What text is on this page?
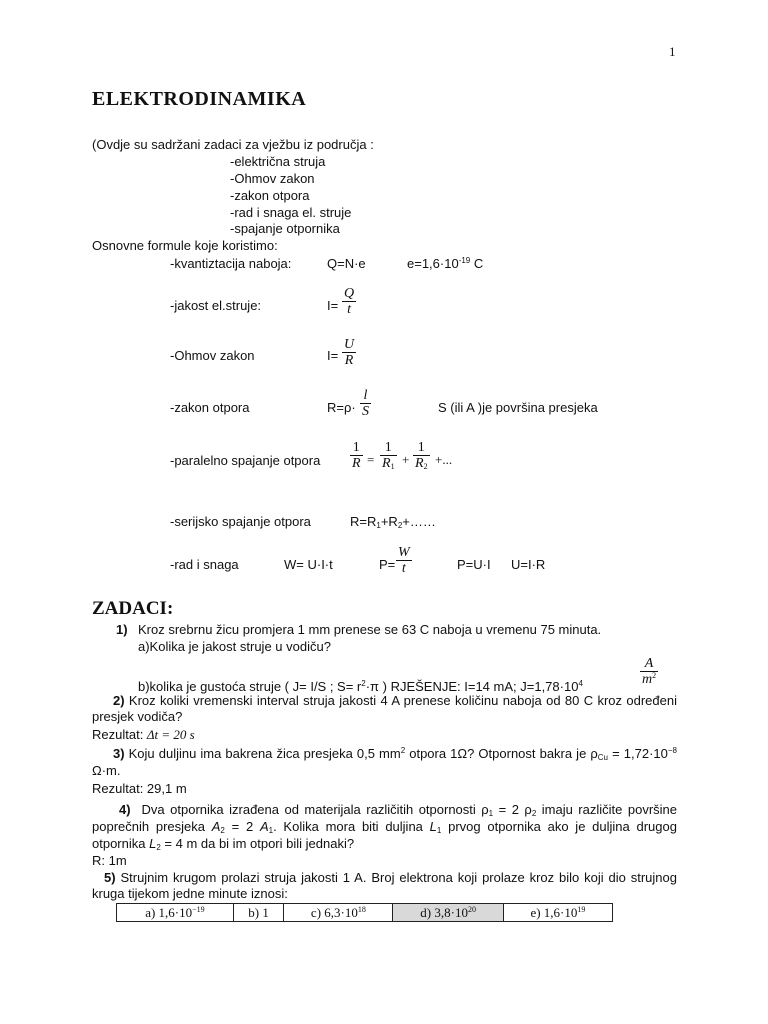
1
ELEKTRODINAMIKA
(Ovdje su sadržani zadaci za vježbu iz područja :
-električna struja
-Ohmov zakon
-zakon otpora
-rad i snaga el. struje
-spajanje otpornika
Osnovne formule koje koristimo:
-kvantiztacija naboja:	Q=N·e	$e=1,6\cdot 10^{-19}$ C
-jakost el.struje:	I=
Q
t
-Ohmov zakon	I=
U
R
-zakon otpora	R=ρ·
l
S	S (ili A )je površina presjeka
-paralelno spajanje otpora
1
R =
1
$R_1$ +
1
$R_2$ +...
-serijsko spajanje otpora	$R=R_1+R_2+\dots\dots$
-rad i snaga	W= U·I·t	P=
W
t	P=U·I U=I·R
ZADACI:
1) Kroz srebrnu žicu promjera 1 mm prenese se 63 C naboja u vremenu 75 minuta.
a)Kolika je jakost struje u vodiču?
b)kolika je gustoća struje ( J= I/S ; $S= r^2\cdot\pi$ ) RJEŠENJE: I=14 mA; $J=1,78\cdot 10^4$
A
$m^2$
2) Kroz koliki vremenski interval struja jakosti 4 A prenese količinu naboja od 80 C kroz određeni presjek vodiča?
Rezultat: Δt = 20 s
3) Koju duljinu ima bakrena žica presjeka 0,5 $mm^2$ otpora 1Ω? Otpornost bakra je $\rho_{Cu} = 1,72\cdot 10^{-8}$ Ω·m.
Rezultat: 29,1 m
4) Dva otpornika izrađena od materijala različitih otpornosti $\rho_1 = 2$ $\rho_2$ imaju različite površine poprečnih presjeka $A_2 = 2$ $A_1$. Kolika mora biti duljina $L_1$ prvog otpornika ako je duljina drugog otpornika $L_2 = 4$ m da bi im otpori bili jednaki?
R: 1m
5) Strujnim krugom prolazi struja jakosti 1 A. Broj elektrona koji prolaze kroz bilo koji dio strujnog kruga tijekom jedne minute iznosi:
a) $1,6\cdot 10^{-19}$	b) 1	c) $6,3\cdot 10^{18}$	d) $3,8\cdot 10^{20}$	e) $1,6\cdot 10^{19}$
